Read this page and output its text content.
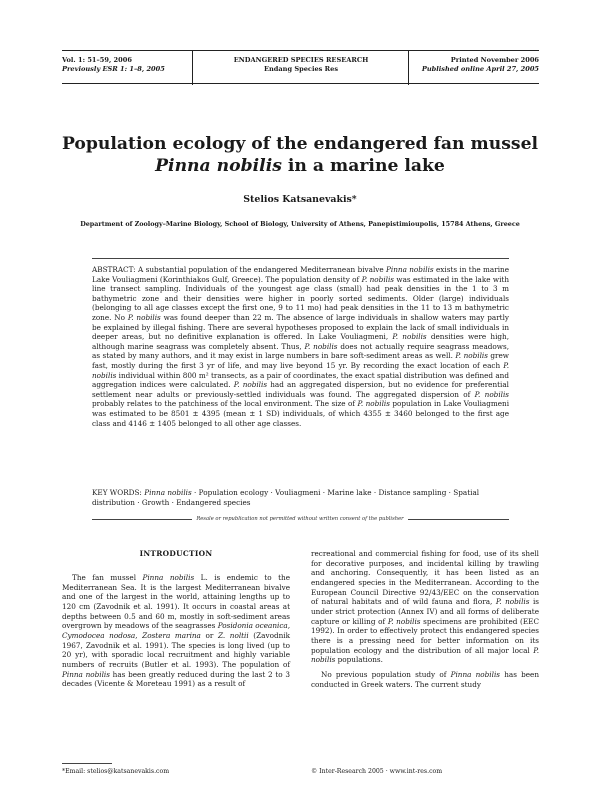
Vol. 1: 51–59, 2006
Previously ESR 1: 1–8, 2005
ENDANGERED SPECIES RESEARCH
Endang Species Res
Printed November 2006
Published online April 27, 2005
Population ecology of the endangered fan mussel
Pinna nobilis in a marine lake
Stelios Katsanevakis*
Department of Zoology–Marine Biology, School of Biology, University of Athens, Panepistimioupolis, 15784 Athens, Greece
ABSTRACT: A substantial population of the endangered Mediterranean bivalve Pinna nobilis exists in the marine Lake Vouliagmeni (Korinthiakos Gulf, Greece). The population density of P. nobilis was estimated in the lake with line transect sampling. Individuals of the youngest age class (small) had peak densities in the 1 to 3 m bathymetric zone and their densities were higher in poorly sorted sediments. Older (large) individuals (belonging to all age classes except the first one, 9 to 11 mo) had peak densities in the 11 to 13 m bathymetric zone. No P. nobilis was found deeper than 22 m. The absence of large individuals in shallow waters may partly be explained by illegal fishing. There are several hypotheses proposed to explain the lack of small individuals in deeper areas, but no definitive explanation is offered. In Lake Vouliagmeni, P. nobilis densities were high, although marine seagrass was completely absent. Thus, P. nobilis does not actually require seagrass meadows, as stated by many authors, and it may exist in large numbers in bare soft-sediment areas as well. P. nobilis grew fast, mostly during the first 3 yr of life, and may live beyond 15 yr. By recording the exact location of each P. nobilis individual within 800 m² transects, as a pair of coordinates, the exact spatial distribution was defined and aggregation indices were calculated. P. nobilis had an aggregated dispersion, but no evidence for preferential settlement near adults or previously-settled individuals was found. The aggregated dispersion of P. nobilis probably relates to the patchiness of the local environment. The size of P. nobilis population in Lake Vouliagmeni was estimated to be 8501 ± 4395 (mean ± 1 SD) individuals, of which 4355 ± 3460 belonged to the first age class and 4146 ± 1405 belonged to all other age classes.
KEY WORDS: Pinna nobilis · Population ecology · Vouliagmeni · Marine lake · Distance sampling · Spatial distribution · Growth · Endangered species
Resale or republication not permitted without written consent of the publisher
INTRODUCTION

The fan mussel Pinna nobilis L. is endemic to the Mediterranean Sea. It is the largest Mediterranean bivalve and one of the largest in the world, attaining lengths up to 120 cm (Zavodnik et al. 1991). It occurs in coastal areas at depths between 0.5 and 60 m, mostly in soft-sediment areas overgrown by meadows of the seagrasses Posidonia oceanica, Cymodocea nodosa, Zostera marina or Z. noltii (Zavodnik 1967, Zavodnik et al. 1991). The species is long lived (up to 20 yr), with sporadic local recruitment and highly variable numbers of recruits (Butler et al. 1993). The population of Pinna nobilis has been greatly reduced during the last 2 to 3 decades (Vicente & Moreteau 1991) as a result of

recreational and commercial fishing for food, use of its shell for decorative purposes, and incidental killing by trawling and anchoring. Consequently, it has been listed as an endangered species in the Mediterranean. According to the European Council Directive 92/43/EEC on the conservation of natural habitats and of wild fauna and flora, P. nobilis is under strict protection (Annex IV) and all forms of deliberate capture or killing of P. nobilis specimens are prohibited (EEC 1992). In order to effectively protect this endangered species there is a pressing need for better information on its population ecology and the distribution of all major local P. nobilis populations.

No previous population study of Pinna nobilis has been conducted in Greek waters. The current study

*Email: stelios@katsanevakis.com	© Inter-Research 2005 · www.int-res.com
